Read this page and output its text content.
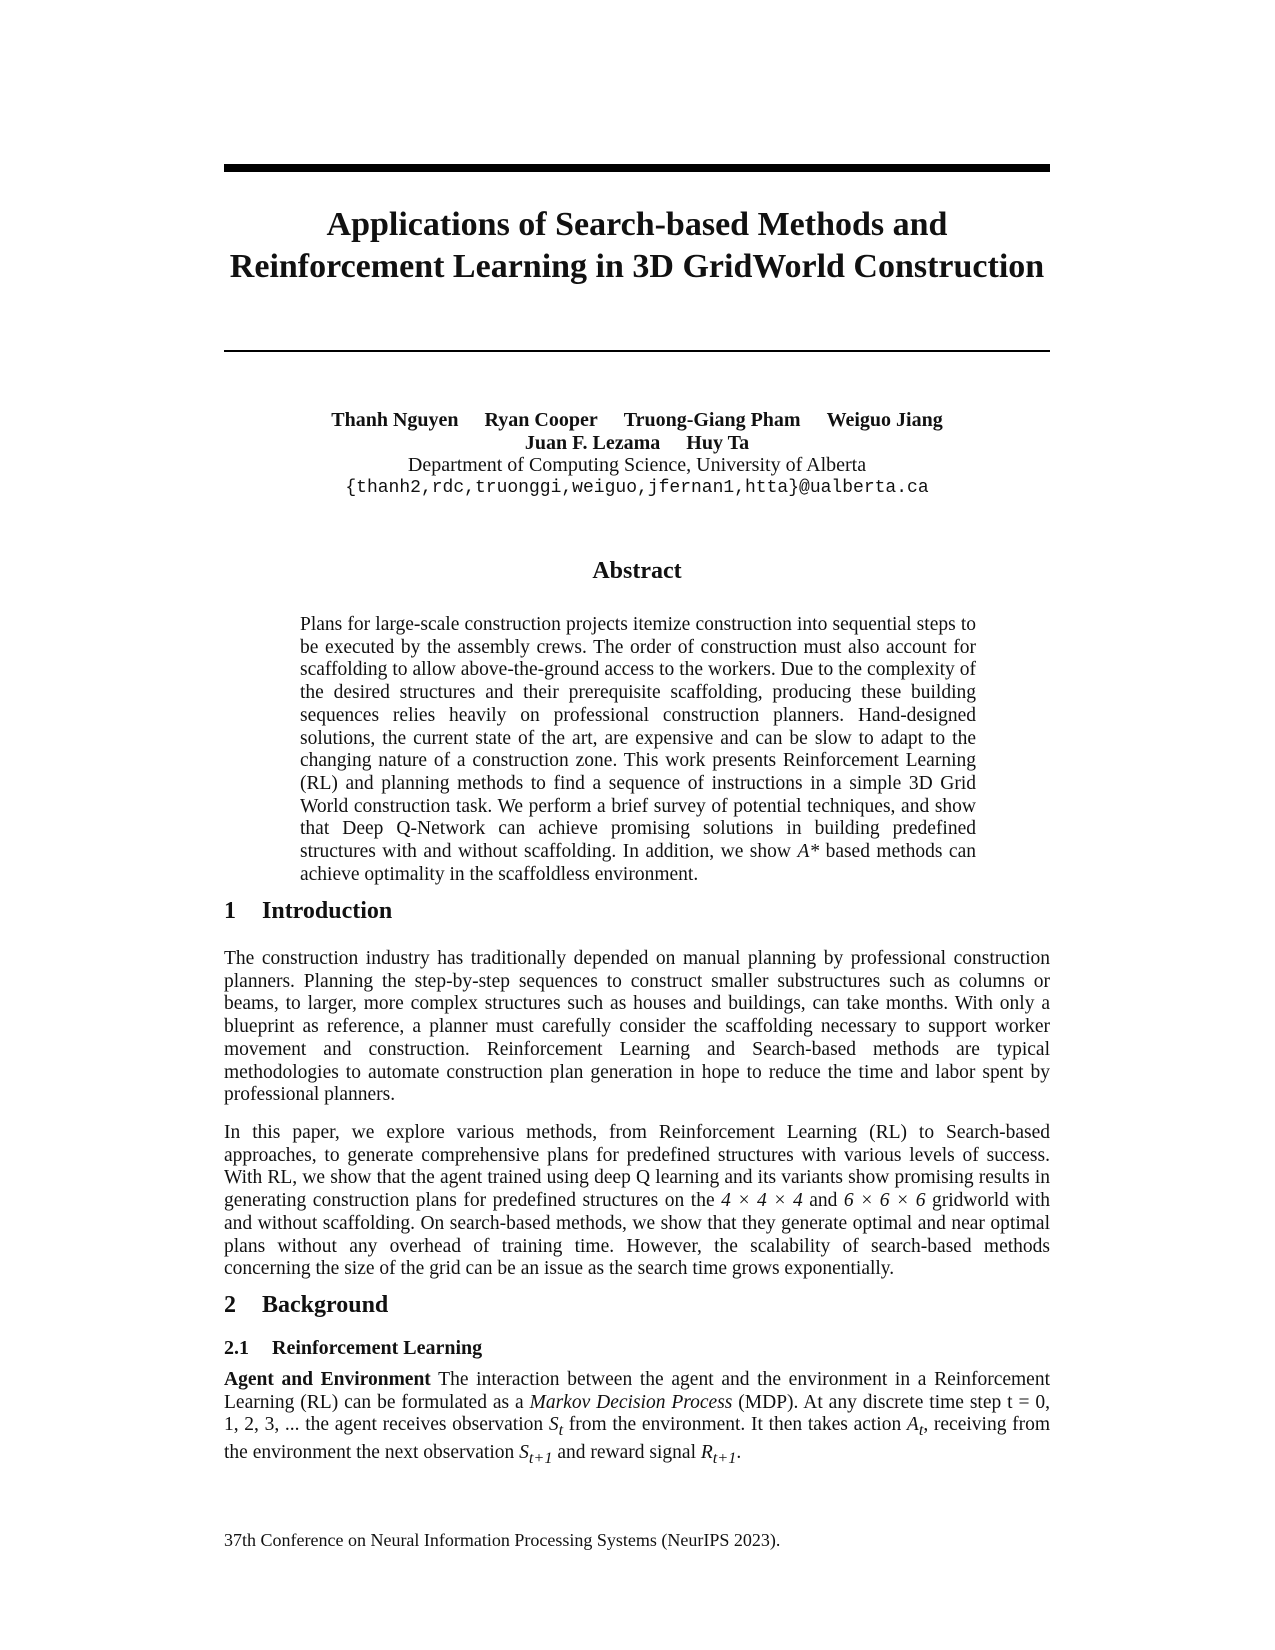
Applications of Search-based Methods and Reinforcement Learning in 3D GridWorld Construction
Thanh Nguyen Ryan Cooper Truong-Giang Pham Weiguo Jiang
Juan F. Lezama Huy Ta
Department of Computing Science, University of Alberta
{thanh2,rdc,truonggi,weiguo,jfernan1,htta}@ualberta.ca
Abstract

Plans for large-scale construction projects itemize construction into sequential steps to be executed by the assembly crews. The order of construction must also account for scaffolding to allow above-the-ground access to the workers. Due to the complexity of the desired structures and their prerequisite scaffolding, producing these building sequences relies heavily on professional construction planners. Hand-designed solutions, the current state of the art, are expensive and can be slow to adapt to the changing nature of a construction zone. This work presents Reinforcement Learning (RL) and planning methods to find a sequence of instructions in a simple 3D Grid World construction task. We perform a brief survey of potential techniques, and show that Deep Q-Network can achieve promising solutions in building predefined structures with and without scaffolding. In addition, we show A* based methods can achieve optimality in the scaffoldless environment.

1 Introduction

The construction industry has traditionally depended on manual planning by professional construction planners. Planning the step-by-step sequences to construct smaller substructures such as columns or beams, to larger, more complex structures such as houses and buildings, can take months. With only a blueprint as reference, a planner must carefully consider the scaffolding necessary to support worker movement and construction. Reinforcement Learning and Search-based methods are typical methodologies to automate construction plan generation in hope to reduce the time and labor spent by professional planners.

In this paper, we explore various methods, from Reinforcement Learning (RL) to Search-based approaches, to generate comprehensive plans for predefined structures with various levels of success. With RL, we show that the agent trained using deep Q learning and its variants show promising results in generating construction plans for predefined structures on the 4 × 4 × 4 and 6 × 6 × 6 gridworld with and without scaffolding. On search-based methods, we show that they generate optimal and near optimal plans without any overhead of training time. However, the scalability of search-based methods concerning the size of the grid can be an issue as the search time grows exponentially.

2 Background
2.1 Reinforcement Learning

Agent and Environment The interaction between the agent and the environment in a Reinforcement Learning (RL) can be formulated as a Markov Decision Process (MDP). At any discrete time step t = 0, 1, 2, 3, ... the agent receives observation $S_t$ from the environment. It then takes action $A_t$, receiving from the environment the next observation $S_{t+1}$ and reward signal $R_{t+1}$.

37th Conference on Neural Information Processing Systems (NeurIPS 2023).
